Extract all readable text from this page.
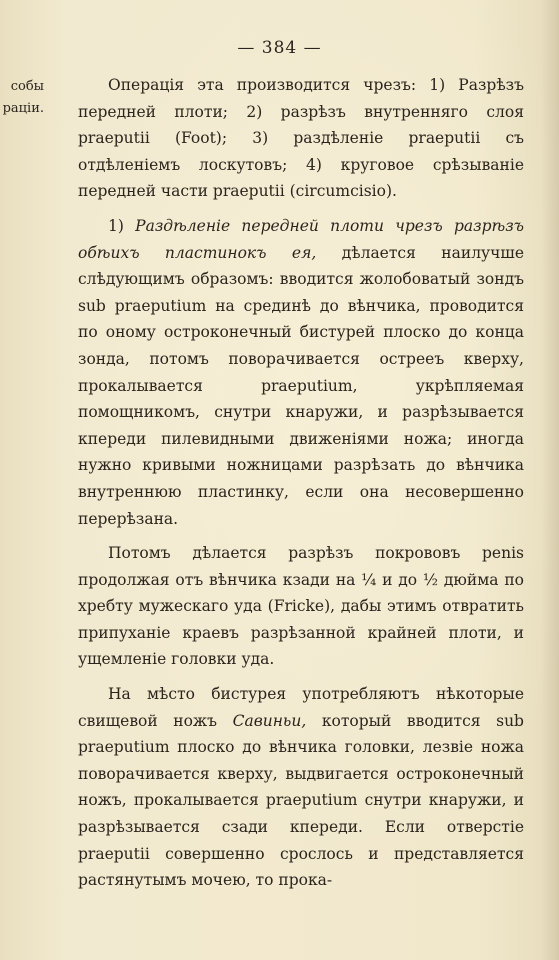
— 384 —
собы
раціи.

Операція эта производится чрезъ: 1) Разрѣзъ передней плоти; 2) разрѣзъ внутренняго слоя praeputii (Foot); 3) раздѣленіе praeputii съ отдѣленіемъ лоскутовъ; 4) круговое срѣзываніе передней части praeputii (circumcisio).

1) Раздѣленіе передней плоти чрезъ разрѣзъ обѣихъ пластинокъ ея, дѣлается наилучше слѣдующимъ образомъ: вводится жолобоватый зондъ sub praeputium на срединѣ до вѣнчика, проводится по оному остроконечный бистурей плоско до конца зонда, потомъ поворачивается острееъ кверху, прокалывается praeputium, укрѣпляемая помощникомъ, снутри кнаружи, и разрѣзывается кпереди пилевидными движеніями ножа; иногда нужно кривыми ножницами разрѣзать до вѣнчика внутреннюю пластинку, если она несовершенно перерѣзана.

Потомъ дѣлается разрѣзъ покрововъ penis продолжая отъ вѣнчика кзади на ¼ и до ½ дюйма по хребту мужескаго уда (Fricke), дабы этимъ отвратить припуханіе краевъ разрѣзанной крайней плоти, и ущемленіе головки уда.

На мѣсто бистурея употребляютъ нѣкоторые свищевой ножъ Савиньи, который вводится sub praeputium плоско до вѣнчика головки, лезвіе ножа поворачивается кверху, выдвигается остроконечный ножъ, прокалывается praeputium снутри кнаружи, и разрѣзывается сзади кпереди. Если отверстіе praeputii совершенно срослось и представляется растянутымъ мочею, то прока-
